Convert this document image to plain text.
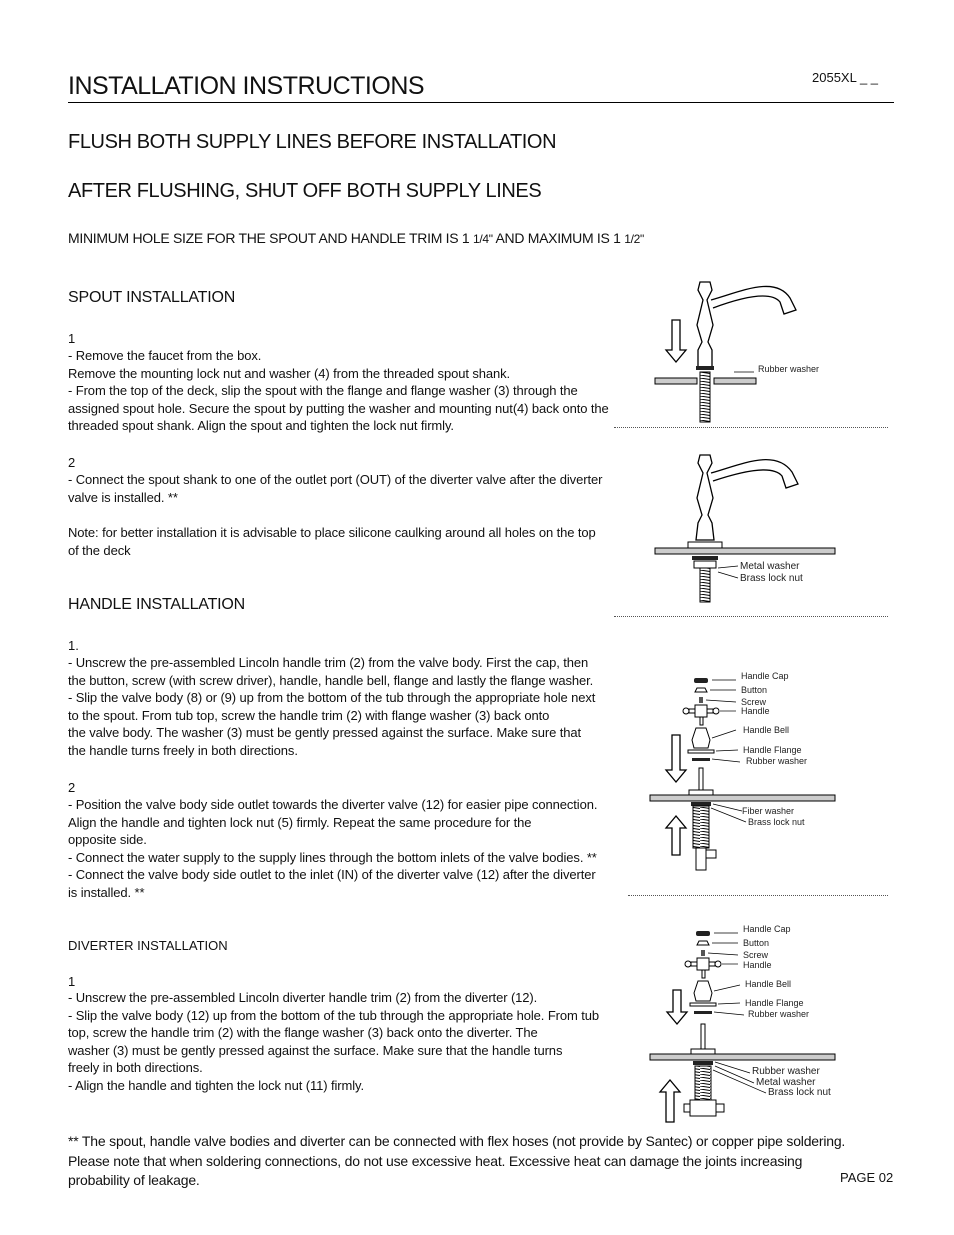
INSTALLATION INSTRUCTIONS	2055XL _ _
FLUSH BOTH SUPPLY LINES BEFORE INSTALLATION
AFTER FLUSHING, SHUT OFF BOTH SUPPLY LINES
MINIMUM HOLE SIZE FOR THE SPOUT AND HANDLE TRIM IS 1 1/4" AND MAXIMUM IS 1 1/2"
SPOUT INSTALLATION
1
- Remove the faucet from the box.
Remove the mounting lock nut and washer (4) from the threaded spout shank.
- From the top of the deck, slip the spout with the flange and flange washer (3) through the
assigned spout hole. Secure the spout by putting the washer and mounting nut(4) back onto the
threaded spout shank. Align the spout and tighten the lock nut firmly.
2
- Connect the spout shank to one of the outlet port (OUT) of the diverter valve after the diverter
valve is installed. **
Note: for better installation it is advisable to place silicone caulking around all holes on the top
of the deck
HANDLE INSTALLATION
1.
- Unscrew the pre-assembled Lincoln handle trim (2) from the valve body. First the cap, then
the button, screw (with screw driver), handle, handle bell, flange and lastly the flange washer.
- Slip the valve body (8) or (9) up from the bottom of the tub through the appropriate hole next
to the spout. From tub top, screw the handle trim (2) with flange washer (3) back onto
the valve body. The washer (3) must be gently pressed against the surface. Make sure that
the handle turns freely in both directions.
2
- Position the valve body side outlet towards the diverter valve (12) for easier pipe connection.
Align the handle and tighten lock nut (5) firmly. Repeat the same procedure for the
opposite side.
- Connect the water supply to the supply lines through the bottom inlets of the valve bodies. **
- Connect the valve body side outlet to the inlet (IN) of the diverter valve (12) after the diverter
is installed. **
DIVERTER INSTALLATION
1
- Unscrew the pre-assembled Lincoln diverter handle trim (2) from the diverter (12).
- Slip the valve body (12) up from the bottom of the tub through the appropriate hole. From tub
top, screw the handle trim (2) with the flange washer (3) back onto the diverter. The
washer (3) must be gently pressed against the surface. Make sure that the handle turns
freely in both directions.
- Align the handle and tighten the lock nut (11) firmly.
** The spout, handle valve bodies and diverter can be connected with flex hoses (not provide by Santec) or copper pipe soldering.
Please note that when soldering connections, do not use excessive heat. Excessive heat can damage the joints increasing
probability of leakage.	PAGE 02
Rubber washer
Metal washer
Brass lock nut
Handle Cap
Button
Screw
Handle
Handle Bell
Handle Flange
Rubber washer
Fiber washer
Brass lock nut
Handle Cap
Button
Screw
Handle
Handle Bell
Handle Flange
Rubber washer
Rubber washer
Metal washer
Brass lock nut
